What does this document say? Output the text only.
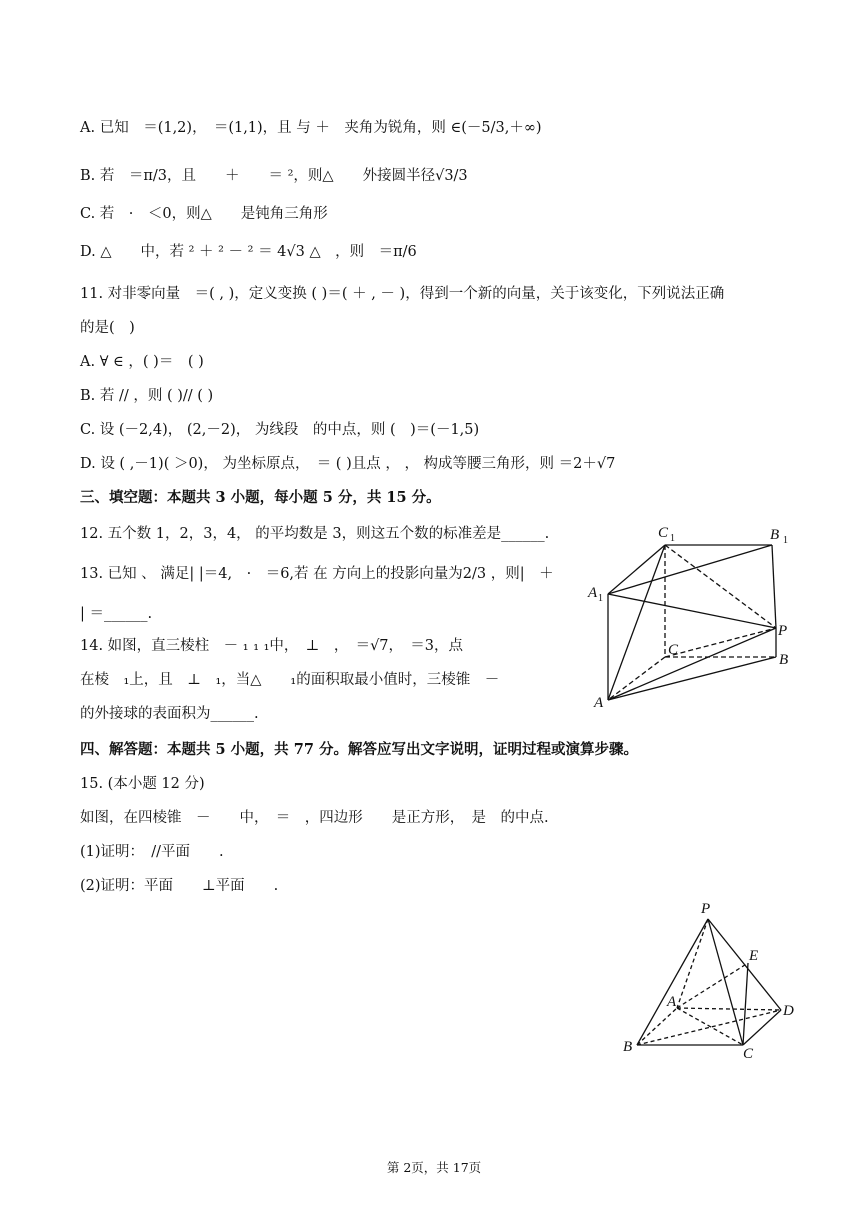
A. 已知　＝(1,2)，　＝(1,1)，且 与 ＋　夹角为锐角，则 ∈(－5/3,＋∞)
B. 若　＝π/3，且　　＋　　＝ ²，则△　　外接圆半径√3/3
C. 若　·　＜0，则△　　是钝角三角形
D. △　　中，若 ² ＋ ² － ² ＝ 4√3 △　，则　＝π/6
11. 对非零向量　＝( , )，定义变换 ( )＝( ＋ , － )，得到一个新的向量，关于该变化，下列说法正确
的是(　)
A. ∀ ∈ ，( )＝　( )
B. 若 // ，则 ( )// ( )
C. 设 (－2,4)， (2,－2)， 为线段　的中点，则 (　)＝(－1,5)
D. 设 ( ,－1)( ＞0)， 为坐标原点，　＝ ( )且点 ， ， 构成等腰三角形，则 ＝2＋√7
三、填空题：本题共 3 小题，每小题 5 分，共 15 分。
12. 五个数 1，2，3，4， 的平均数是 3，则这五个数的标准差是______.
13. 已知 、 满足| |＝4,　·　＝6,若 在 方向上的投影向量为2/3 ，则|　＋
| ＝______.
14. 如图，直三棱柱　－ ₁ ₁ ₁中，　⊥　，　＝√7，　＝3，点
在棱　₁上，且　⊥　₁，当△　　₁的面积取最小值时，三棱锥　－
的外接球的表面积为______.
四、解答题：本题共 5 小题，共 77 分。解答应写出文字说明，证明过程或演算步骤。
15. (本小题 12 分)
如图，在四棱锥　－　　中，　＝　，四边形　　是正方形，　是　的中点.
(1)证明：　//平面　　.
(2)证明：平面　　⊥平面　　.
C 1	B 1
A 1
P
C
B
A
P
E
A
D
B	C
第 2页，共 17页
